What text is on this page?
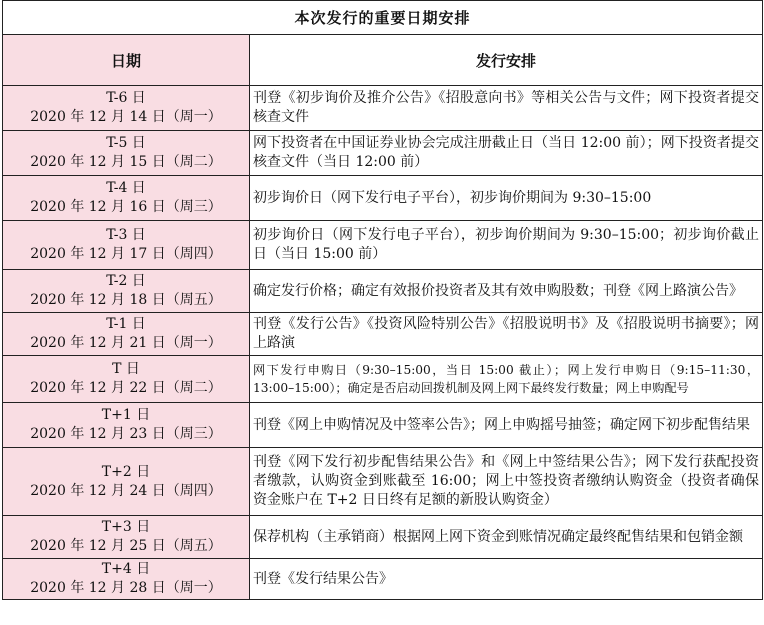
本次发行的重要日期安排	
日期	发行安排

T-6 日
2020 年 12 月 14 日（周一）	刊登《初步询价及推介公告》《招股意向书》等相关公告与文件；网下投资者提交核查文件

T-5 日
2020 年 12 月 15 日（周二）	网下投资者在中国证券业协会完成注册截止日（当日 12:00 前）；网下投资者提交核查文件（当日 12:00 前）

T-4 日
2020 年 12 月 16 日（周三）	初步询价日（网下发行电子平台），初步询价期间为 9:30–15:00

T-3 日
2020 年 12 月 17 日（周四）	初步询价日（网下发行电子平台），初步询价期间为 9:30–15:00；初步询价截止日（当日 15:00 前）

T-2 日
2020 年 12 月 18 日（周五）	确定发行价格；确定有效报价投资者及其有效申购股数；刊登《网上路演公告》

T-1 日
2020 年 12 月 21 日（周一）	刊登《发行公告》《投资风险特别公告》《招股说明书》及《招股说明书摘要》；网上路演

T 日
2020 年 12 月 22 日（周二）	网下发行申购日（9:30–15:00，当日 15:00 截止）；网上发行申购日（9:15–11:30，13:00–15:00）；确定是否启动回拨机制及网上网下最终发行数量；网上申购配号

T+1 日
2020 年 12 月 23 日（周三）	刊登《网上申购情况及中签率公告》；网上申购摇号抽签；确定网下初步配售结果

T+2 日
2020 年 12 月 24 日（周四）	刊登《网下发行初步配售结果公告》和《网上中签结果公告》；网下发行获配投资者缴款，认购资金到账截至 16:00；网上中签投资者缴纳认购资金（投资者确保资金账户在 T+2 日日终有足额的新股认购资金）

T+3 日
2020 年 12 月 25 日（周五）	保荐机构（主承销商）根据网上网下资金到账情况确定最终配售结果和包销金额

T+4 日
2020 年 12 月 28 日（周一）	刊登《发行结果公告》
